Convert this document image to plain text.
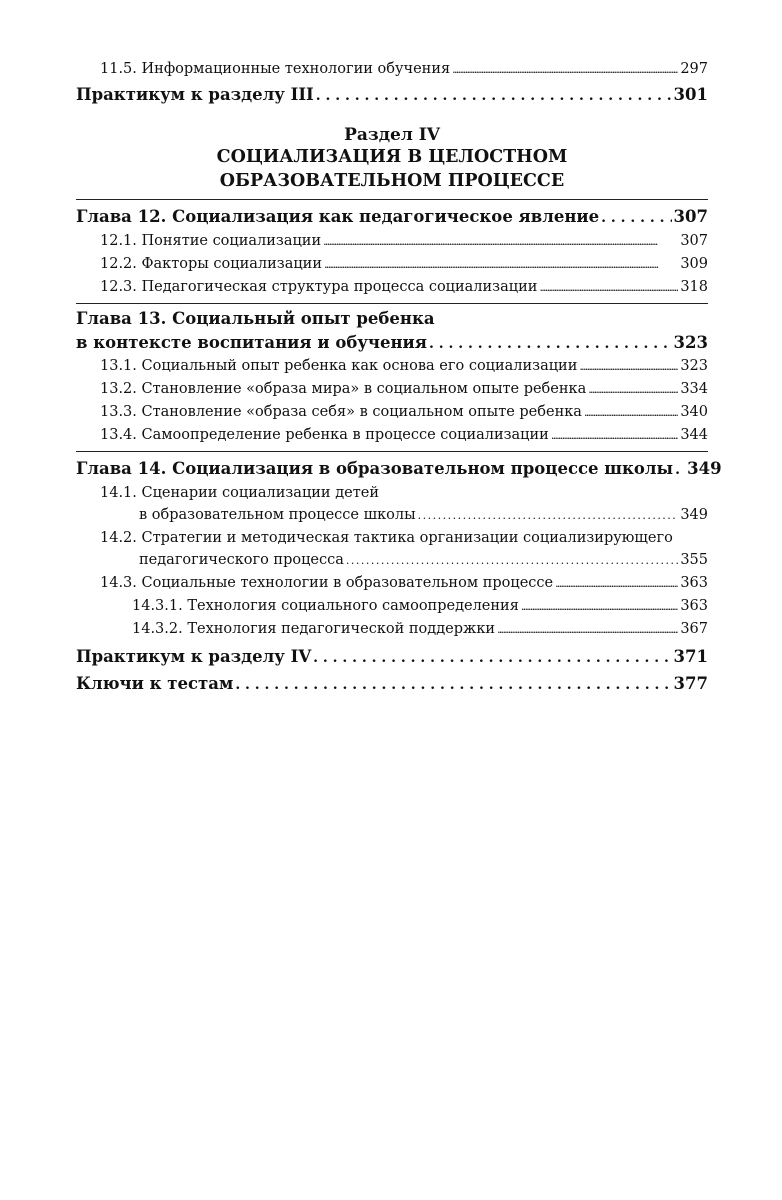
11.5. Информационные технологии обучения . . .	297
Практикум к разделу III . . .	301
Раздел IV
СОЦИАЛИЗАЦИЯ В ЦЕЛОСТНОМ
ОБРАЗОВАТЕЛЬНОМ ПРОЦЕССЕ
Глава 12. Социализация как педагогическое явление . . .	307
12.1. Понятие социализации . . .	307
12.2. Факторы социализации . . .	309
12.3. Педагогическая структура процесса социализации . . .	318
Глава 13. Социальный опыт ребенка
в контексте воспитания и обучения . . .	323
13.1. Социальный опыт ребенка как основа его социализации . . .	323
13.2. Становление «образа мира» в социальном опыте ребенка . . .	334
13.3. Становление «образа себя» в социальном опыте ребенка . . .	340
13.4. Самоопределение ребенка в процессе социализации . . .	344
Глава 14. Социализация в образовательном процессе школы . . . 349
14.1. Сценарии социализации детей
в образовательном процессе школы . . .	349
14.2. Стратегии и методическая тактика организации социализирующего
педагогического процесса . . .	355
14.3. Социальные технологии в образовательном процессе . . .	363
14.3.1. Технология социального самоопределения . . .	363
14.3.2. Технология педагогической поддержки . . .	367
Практикум к разделу IV . . .	371
Ключи к тестам . . .	377
